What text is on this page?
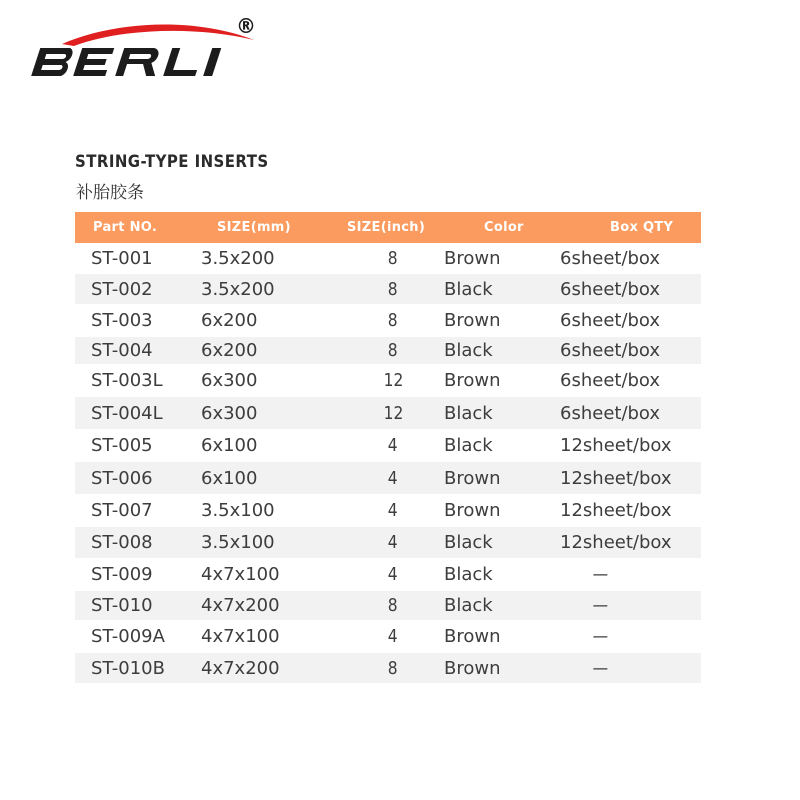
®
STRING-TYPE INSERTS
补胎胶条
Part NO.	SIZE(mm)	SIZE(inch)	Color	Box QTY
ST-001	3.5x200	8	Brown	6sheet/box
ST-002	3.5x200	8	Black	6sheet/box
ST-003	6x200	8	Brown	6sheet/box
ST-004	6x200	8	Black	6sheet/box
ST-003L	6x300	12	Brown	6sheet/box
ST-004L	6x300	12	Black	6sheet/box
ST-005	6x100	4	Black	12sheet/box
ST-006	6x100	4	Brown	12sheet/box
ST-007	3.5x100	4	Brown	12sheet/box
ST-008	3.5x100	4	Black	12sheet/box
ST-009	4x7x100	4	Black	—
ST-010	4x7x200	8	Black	—
ST-009A	4x7x100	4	Brown	—
ST-010B	4x7x200	8	Brown	—
